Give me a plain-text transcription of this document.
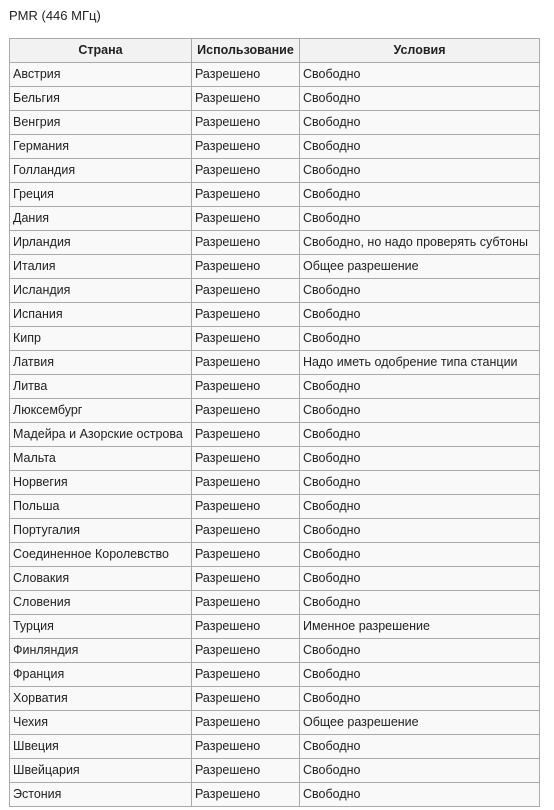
PMR (446 МГц)
Страна	Использование	Условия
Австрия	Разрешено	Свободно
Бельгия	Разрешено	Свободно
Венгрия	Разрешено	Свободно
Германия	Разрешено	Свободно
Голландия	Разрешено	Свободно
Греция	Разрешено	Свободно
Дания	Разрешено	Свободно
Ирландия	Разрешено	Свободно, но надо проверять субтоны
Италия	Разрешено	Общее разрешение
Исландия	Разрешено	Свободно
Испания	Разрешено	Свободно
Кипр	Разрешено	Свободно
Латвия	Разрешено	Надо иметь одобрение типа станции
Литва	Разрешено	Свободно
Люксембург	Разрешено	Свободно
Мадейра и Азорские острова	Разрешено	Свободно
Мальта	Разрешено	Свободно
Норвегия	Разрешено	Свободно
Польша	Разрешено	Свободно
Португалия	Разрешено	Свободно
Соединенное Королевство	Разрешено	Свободно
Словакия	Разрешено	Свободно
Словения	Разрешено	Свободно
Турция	Разрешено	Именное разрешение
Финляндия	Разрешено	Свободно
Франция	Разрешено	Свободно
Хорватия	Разрешено	Свободно
Чехия	Разрешено	Общее разрешение
Швеция	Разрешено	Свободно
Швейцария	Разрешено	Свободно
Эстония	Разрешено	Свободно
